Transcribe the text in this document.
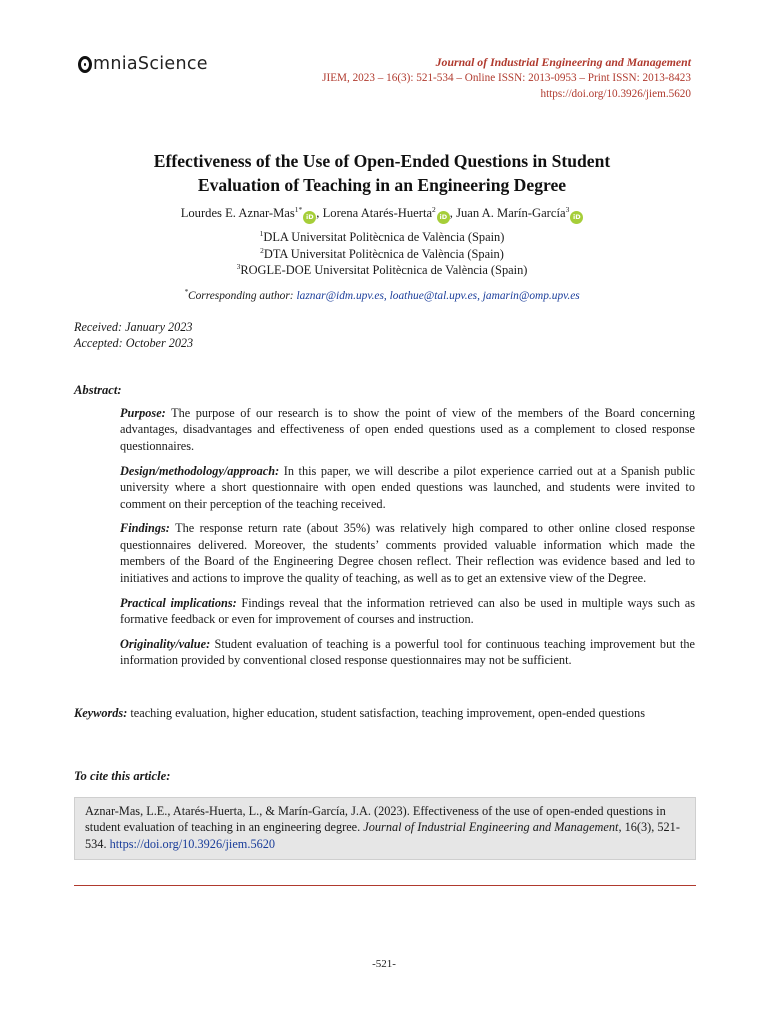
mniaScience	Journal of Industrial Engineering and Management
JIEM, 2023 – 16(3): 521-534 – Online ISSN: 2013-0953 – Print ISSN: 2013-8423
https://doi.org/10.3926/jiem.5620
Effectiveness of the Use of Open-Ended Questions in Student
Evaluation of Teaching in an Engineering Degree
Lourdes E. Aznar-Mas$^{1*}$iD , Lorena Atarés-Huerta$^2$iD , Juan A. Marín-García$^3$iD
$^1$DLA Universitat Politècnica de València (Spain)
$^2$DTA Universitat Politècnica de València (Spain)
$^3$ROGLE-DOE Universitat Politècnica de València (Spain)
*Corresponding author: laznar@idm.upv.es, loathue@tal.upv.es, jamarin@omp.upv.es
Received: January 2023
Accepted: October 2023
Abstract:

Purpose: The purpose of our research is to show the point of view of the members of the Board concerning advantages, disadvantages and effectiveness of open ended questions used as a complement to closed response questionnaires.

Design/methodology/approach: In this paper, we will describe a pilot experience carried out at a Spanish public university where a short questionnaire with open ended questions was launched, and students were invited to comment on their perception of the teaching received.

Findings: The response return rate (about 35%) was relatively high compared to other online closed response questionnaires delivered. Moreover, the students’ comments provided valuable information which made the members of the Board of the Engineering Degree chosen reflect. Their reflection was evidence based and led to initiatives and actions to improve the quality of teaching, as well as to get an extensive view of the Degree.

Practical implications: Findings reveal that the information retrieved can also be used in multiple ways such as formative feedback or even for improvement of courses and instruction.

Originality/value: Student evaluation of teaching is a powerful tool for continuous teaching improvement but the information provided by conventional closed response questionnaires may not be sufficient.

Keywords: teaching evaluation, higher education, student satisfaction, teaching improvement, open-ended questions
To cite this article:
Aznar-Mas, L.E., Atarés-Huerta, L., & Marín-García, J.A. (2023). Effectiveness of the use of open-ended questions in student evaluation of teaching in an engineering degree. Journal of Industrial Engineering and Management, 16(3), 521-534. https://doi.org/10.3926/jiem.5620
-521-
